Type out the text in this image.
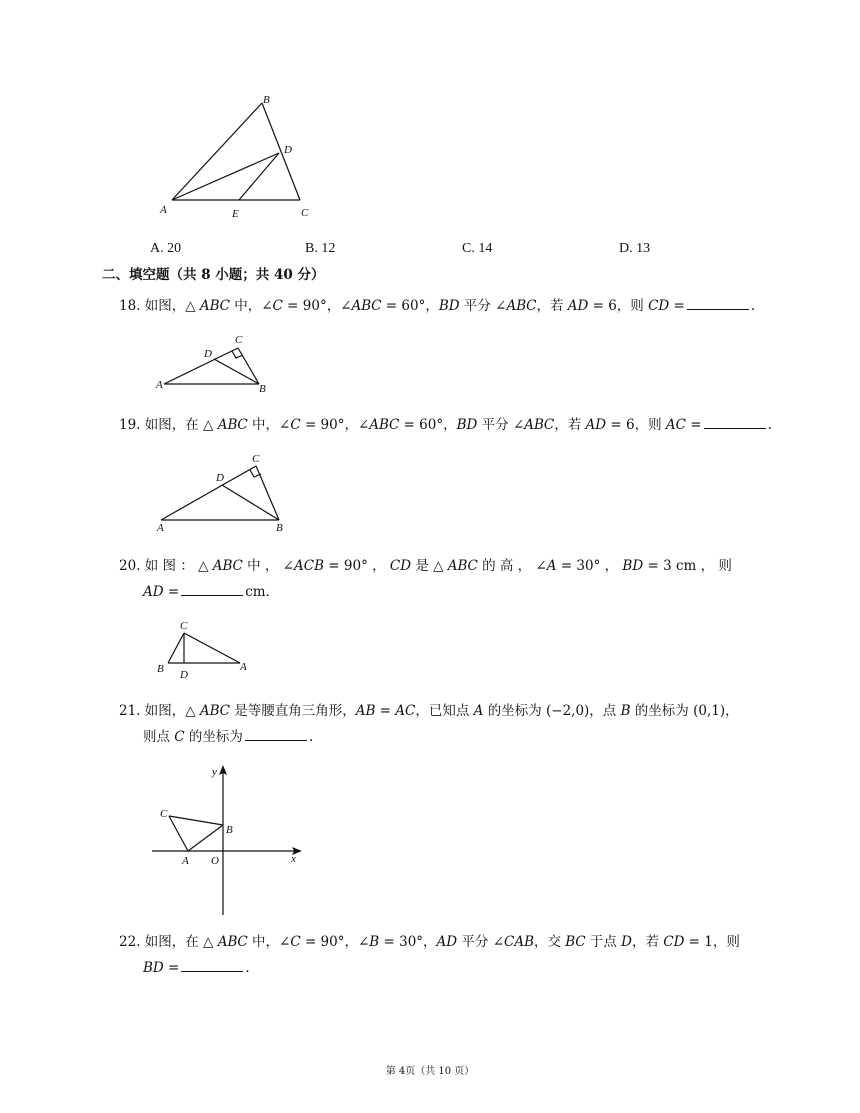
B
D
A	E	C
A. 20	B. 12	C. 14	D. 13
二、填空题（共 8 小题；共 40 分）
18. 如图，△ 𝐴𝐵𝐶 中，∠𝐶 = 90°，∠𝐴𝐵𝐶 = 60°，𝐵𝐷 平分 ∠𝐴𝐵𝐶，若 𝐴𝐷 = 6，则 𝐶𝐷 =	.
C
D
A	B
19. 如图，在 △ 𝐴𝐵𝐶 中，∠𝐶 = 90°，∠𝐴𝐵𝐶 = 60°，𝐵𝐷 平分 ∠𝐴𝐵𝐶，若 𝐴𝐷 = 6，则 𝐴𝐶 =	.
C
D
A	B
20. 如 图 ： △ 𝐴𝐵𝐶 中 ， ∠𝐴𝐶𝐵 = 90° ， 𝐶𝐷 是 △ 𝐴𝐵𝐶 的 高 ， ∠𝐴 = 30° ， 𝐵𝐷 = 3 cm ， 则
𝐴𝐷 =	cm.
C
B D
A
21. 如图，△ 𝐴𝐵𝐶 是等腰直角三角形，𝐴𝐵 = 𝐴𝐶，已知点 𝐴 的坐标为 (−2,0)，点 𝐵 的坐标为 (0,1)，
则点 𝐶 的坐标为	.
y
C
B
A O	x
22. 如图，在 △ 𝐴𝐵𝐶 中，∠𝐶 = 90°，∠𝐵 = 30°，𝐴𝐷 平分 ∠𝐶𝐴𝐵，交 𝐵𝐶 于点 𝐷，若 𝐶𝐷 = 1，则
𝐵𝐷 =	.
第 4页（共 10 页）
